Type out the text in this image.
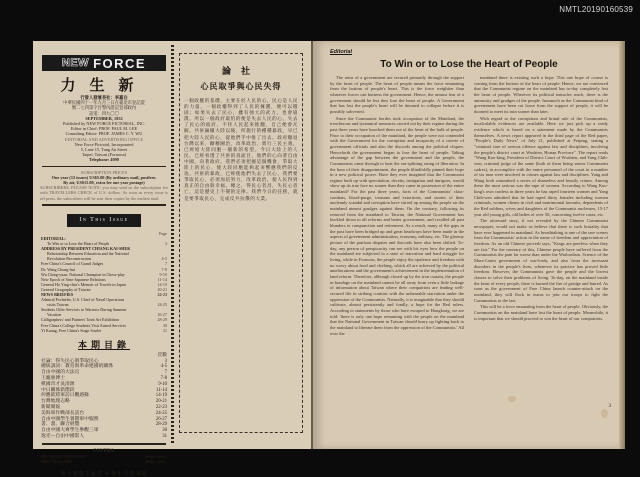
NMTL20190160539
NEW FORCE
力生新
行發人發兼長社：李嘉白
中華民國四十一年九月三日在臺北市登記證
號二七四第字台警內證記登部政內
話電：四九〇〇
SEPTEMBER, 1952
Published by NEW FORCE PICTORIAL, INC.
Editor in Chief: PROF. PAUL M. LEE
Consulting Editor: PROF. JAMES C. Y. WU
EDITORIAL AND ADVERTISING OFFICE
New Force Pictorial, Incorporated
5, Lane 15, Tung An Street
Taipei, Taiwan (Formosa)
Telephone: 4090
SUBSCRIPTION PRICES
One year (12 issues) US$5.00 (By ordinary mail, postfree.
By air, US$15.00, extra fee one year postage)
SUBSCRIBERS, PLEASE NOTE: you may send us the subscription fee with TRAVELLERS CHECK of U.S. dollars. As soon as every issue is off press, the subscribers will be sent their copies by the earliest mail.
In This Issue
Page
EDITORIAL:
To Win or to Lose the Heart of People	3
ADDRESS BY PRESIDENT CHIANG KAI-SHEK
Relationship Between Education and the National
Revolution Reconstruction	4-5
Free China's Council of Grand Judges	7
Dr. Wang Chung-hui	7-8
Wu Ching-yuan, National Champion in Chess-play	9-10
New Epoch of Sino-Japanese Relations	11-14
General Ho Ying-chin's Memoir of Travels in Japan	14-19
General Geography of Taiwan	20-21
NEWS BRIEFIES	22-23
Admiral Fechteler, U.S. Chief of Naval Operations
visits Taiwan	24-25
Students Offer Services to Warriors During Summer
Vacation	26-27
Calligraphers' and Painters' Joint Art Exhibition	28-29
Free China's College Students Visit Armed Services	30
Yi Kuang, Free China's Stage Starlet	31
本期目錄
頁數
社論：得失民心與爭取民心	3
總統訓詞：教育與革命建國的關係	4-5
自由中國的大法官	7
王寵惠博士	7-8
棋國奇才吳清源	9-10
中日關係新階段	11-14
何應欽將軍訪日觀感錄	14-19
台灣地理志略	20-21
新聞簡報	22-23
美海軍作戰部長訪台	24-25
自由中國學生暑期軍中服務	26-27
書、畫、聯合展覽	28-29
自由中國大專學生參觀三軍	30
逸光—自由中國影人	31
COVERS:
DR. WANG CHUNG-HUI	(Front cover)
MISS YI KUANG	(Back cover)
博士惠寵王面封 ● 姐小光逸面底
論社
心民取爭與心民失得
一個政權的基礎，主要在於人民的心，民心是人民的力量，一個政權得到了人民的擁護，便可以穩固；如果失去了民心，雖有強大的武力，也會崩潰。所以一個政府最怕的便是失去人民的心，失去了民心的政府，不待人民起來推翻，自己便會瓦解。共匪竊據大陸以後，所施行的種種暴政，早已把大陸人民的心，從他們手中推了出去。政府撤退台灣以來，勵精圖治，改革政治，實行三民主義，已經給大陸同胞一個新的希望。今日大陸上的人民，已經看透了共匪的真面目，他們的心向著自由中國，向著政府。我們必須把握這個機會，爭取大陸上的民心，使大陸同胞能夠起來響應我們的反攻。共匪的暴政，已經使他們失去了民心，我們要爭取民心，必須加倍努力，改革政治，使人民得到真正的自由與幸福。總之，得民心者昌，失民心者亡，這是歷史上不變的定律。我們今日的任務，就是要爭取民心，完成反共抗俄的大業。
Editorial
To Win or to Lose the Heart of People

The reins of a government are secured primarily through the support by the heart of people. The heart of people means the force emanating from the bottom of people's heart. This is the force weightier than whatever forces can buttress the government. Hence, the utmost fear of a government should be lest they lose the heart of people. A Government that has lost the people's heart will be doomed to collapse before it is possibly subverted.

Since the Communist hordes took occupation of the Mainland, the treacherous and tyrannical measures carried out by their regime during the past three years have knocked them out of the heart of the bulk of people. Prior to their occupation of the mainland, the people were not contended with the Government for the corruption and incapacity of a coterie of government officials and also the discords among the political cliques. Henceforth the government began to lose the heart of people. Taking advantage of the gap between the government and the people, the Communists came through to beat the ear-splitting string of liberation. In the hour of their disappointment, the people blindfoldly pinned their hope in a new political power. Have they ever imagined that the Communist regime built up with speculation, deceits, instigation and intrigues, would show up its true face no sooner than they came in possession of the entire mainland? For the past three years, facts of the Communists' class-combats, blood-purge, treasons and extortions, and stories of their uncleanly scandal and corruption have stirred up among the people on the mainland utmost grudges against them. On the contrary, following its removal from the mainland to Taiwan, the National Government has buckled down to all reforms and better government, and recalled all past blunders to compunction and retirement. As a result, many of the gaps in the past have been bridged up and great headways have been made in the aspects of government administration, economy, military, etc. The gloomy picture of the partisan disputes and discords have also been shifted. To-day, any person of perspicacity can see with his eyes how the people on the mainland are subjected to a state of starvation and hard struggle for living, while in Formosa, the people enjoy the opulence and freedom with no worry about food and clothing, which all are achieved by the political ameliorations and the government's achievement in the implementation of land reform. Therefore, although closed up by the iron curtain, the people in bondage on the mainland cannot be all away from even a little leakage of information about Taiwan where their compatriots are leading well-secured life in striking contrast with the unbearable starvation under the oppression of the Communists. Naturally, it is imaginable that they should cultivate, almost persistently and fondly, a hope for the Red rulers. According to statements by those who have escaped to Hongkong, we are told: 'there is only one hope remaining with the people on the mainland that the National Government in Taiwan should hurry up fighting back to the mainland to liberate them from the oppression of the Communists.' All over the

mainland there is existing such a hope. This one hope of course is coming from the bottom of the heart of people. Hence, we are convinced that the Communist regime on the mainland has to-day completely lost the heart of people. Wherever its political tentacles reach, there is the animosity and grudges of the people. Inasmuch as the Communist kind of government have been cut loose from the support of people, it will be doomed to meet its ruin sooner than later.

With regard to the corruptions and brutal rule of the Communists, incalculable evidences are available. Here we just pick up a ready evidence which is based on a statement made by the Communists themselves. A news report appeared in the third page of the Red paper, "People's Daily News" of July 21, published at Peiping, stating a "criminal case of serious offence against law and disciplines, involving the people's district court at Wushien, Honan Province". The report reads "Wang Kuo-king, President of District Court of Wushien, and Yang Chih-wen, criminal judge of the same (both of them being senior Communist cadres), in accomplice with the entire personnel of the court in a number of six men were involved in crimes against law and disciplines. Yang and Wang both committed a series of shameless and beastly crimes. Among these the most serious was the rape of women. According to Wang Kuo-king's own confess in three years he has raped fourteen women and Yang Chih-wen admitted that he had raped thirty females including women criminals, women clients in civil and matrimonial lawsuits, dependents of the Red soldiers, wives and daughters of the Communist nucleuses, 15-17 year old young girls, old ladies of over 50, concerning twelve cases, etc.

The aforesaid story, if not revealed by the Chinese Communist newspaper, would not make us believe that there is such brutality that have ever happened in mainland. As breathtaking is one of the rare scenes from the Communists' action in the name of freedom and appreciation of freedom. As an old Chinese proverb says, "Kings are peerless when they are fair." For the contrary of this, Chinese people have suffered from the Communists the pain far worse than under the Warlordism. Science of the Marx-Lenin government of war-lords, and also from the incessant disorders in the people's lives, whenever its practice has proved little freedom. However, the Communists gave the people and the lowest classes to solve their problems of living. To-day, on the mainland inside the heart of every people, there is burned the fire of grudge and hatred. As soon as the government of Free China launch counter-attack on the mainland, they will flock in teams to join our troops to fight the Communists to the last.

This will be a force emanating from the heart of people. Obviously, the Communists on the mainland have lost the heart of people. Meanwhile, it is important that we should proceed to win the heart of our compatriots.

3
